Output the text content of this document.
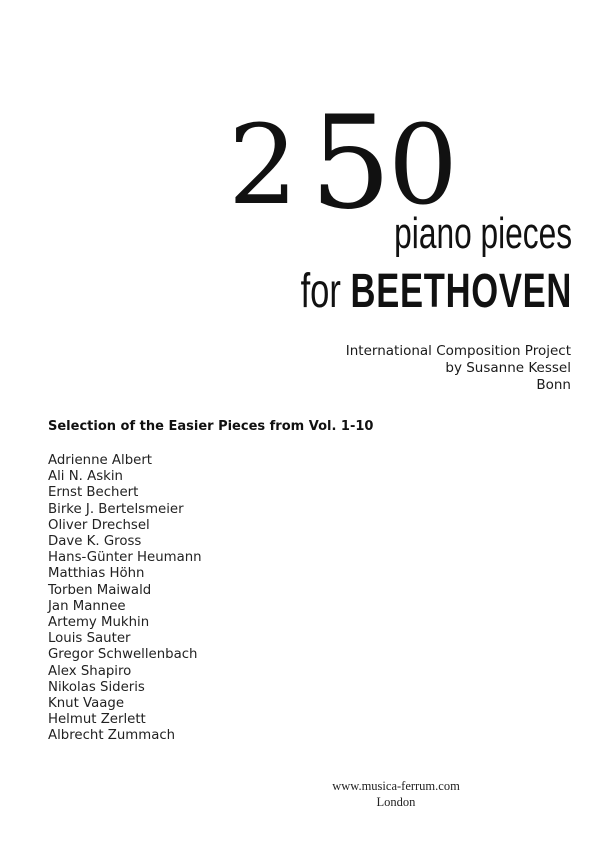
2 5
0
piano pieces
for BEETHOVEN
International Composition Project
by Susanne Kessel
Bonn
Selection of the Easier Pieces from Vol. 1-10
Adrienne Albert
Ali N. Askin
Ernst Bechert
Birke J. Bertelsmeier
Oliver Drechsel
Dave K. Gross
Hans-Günter Heumann
Matthias Höhn
Torben Maiwald
Jan Mannee
Artemy Mukhin
Louis Sauter
Gregor Schwellenbach
Alex Shapiro
Nikolas Sideris
Knut Vaage
Helmut Zerlett
Albrecht Zummach
www.musica-ferrum.com
London
